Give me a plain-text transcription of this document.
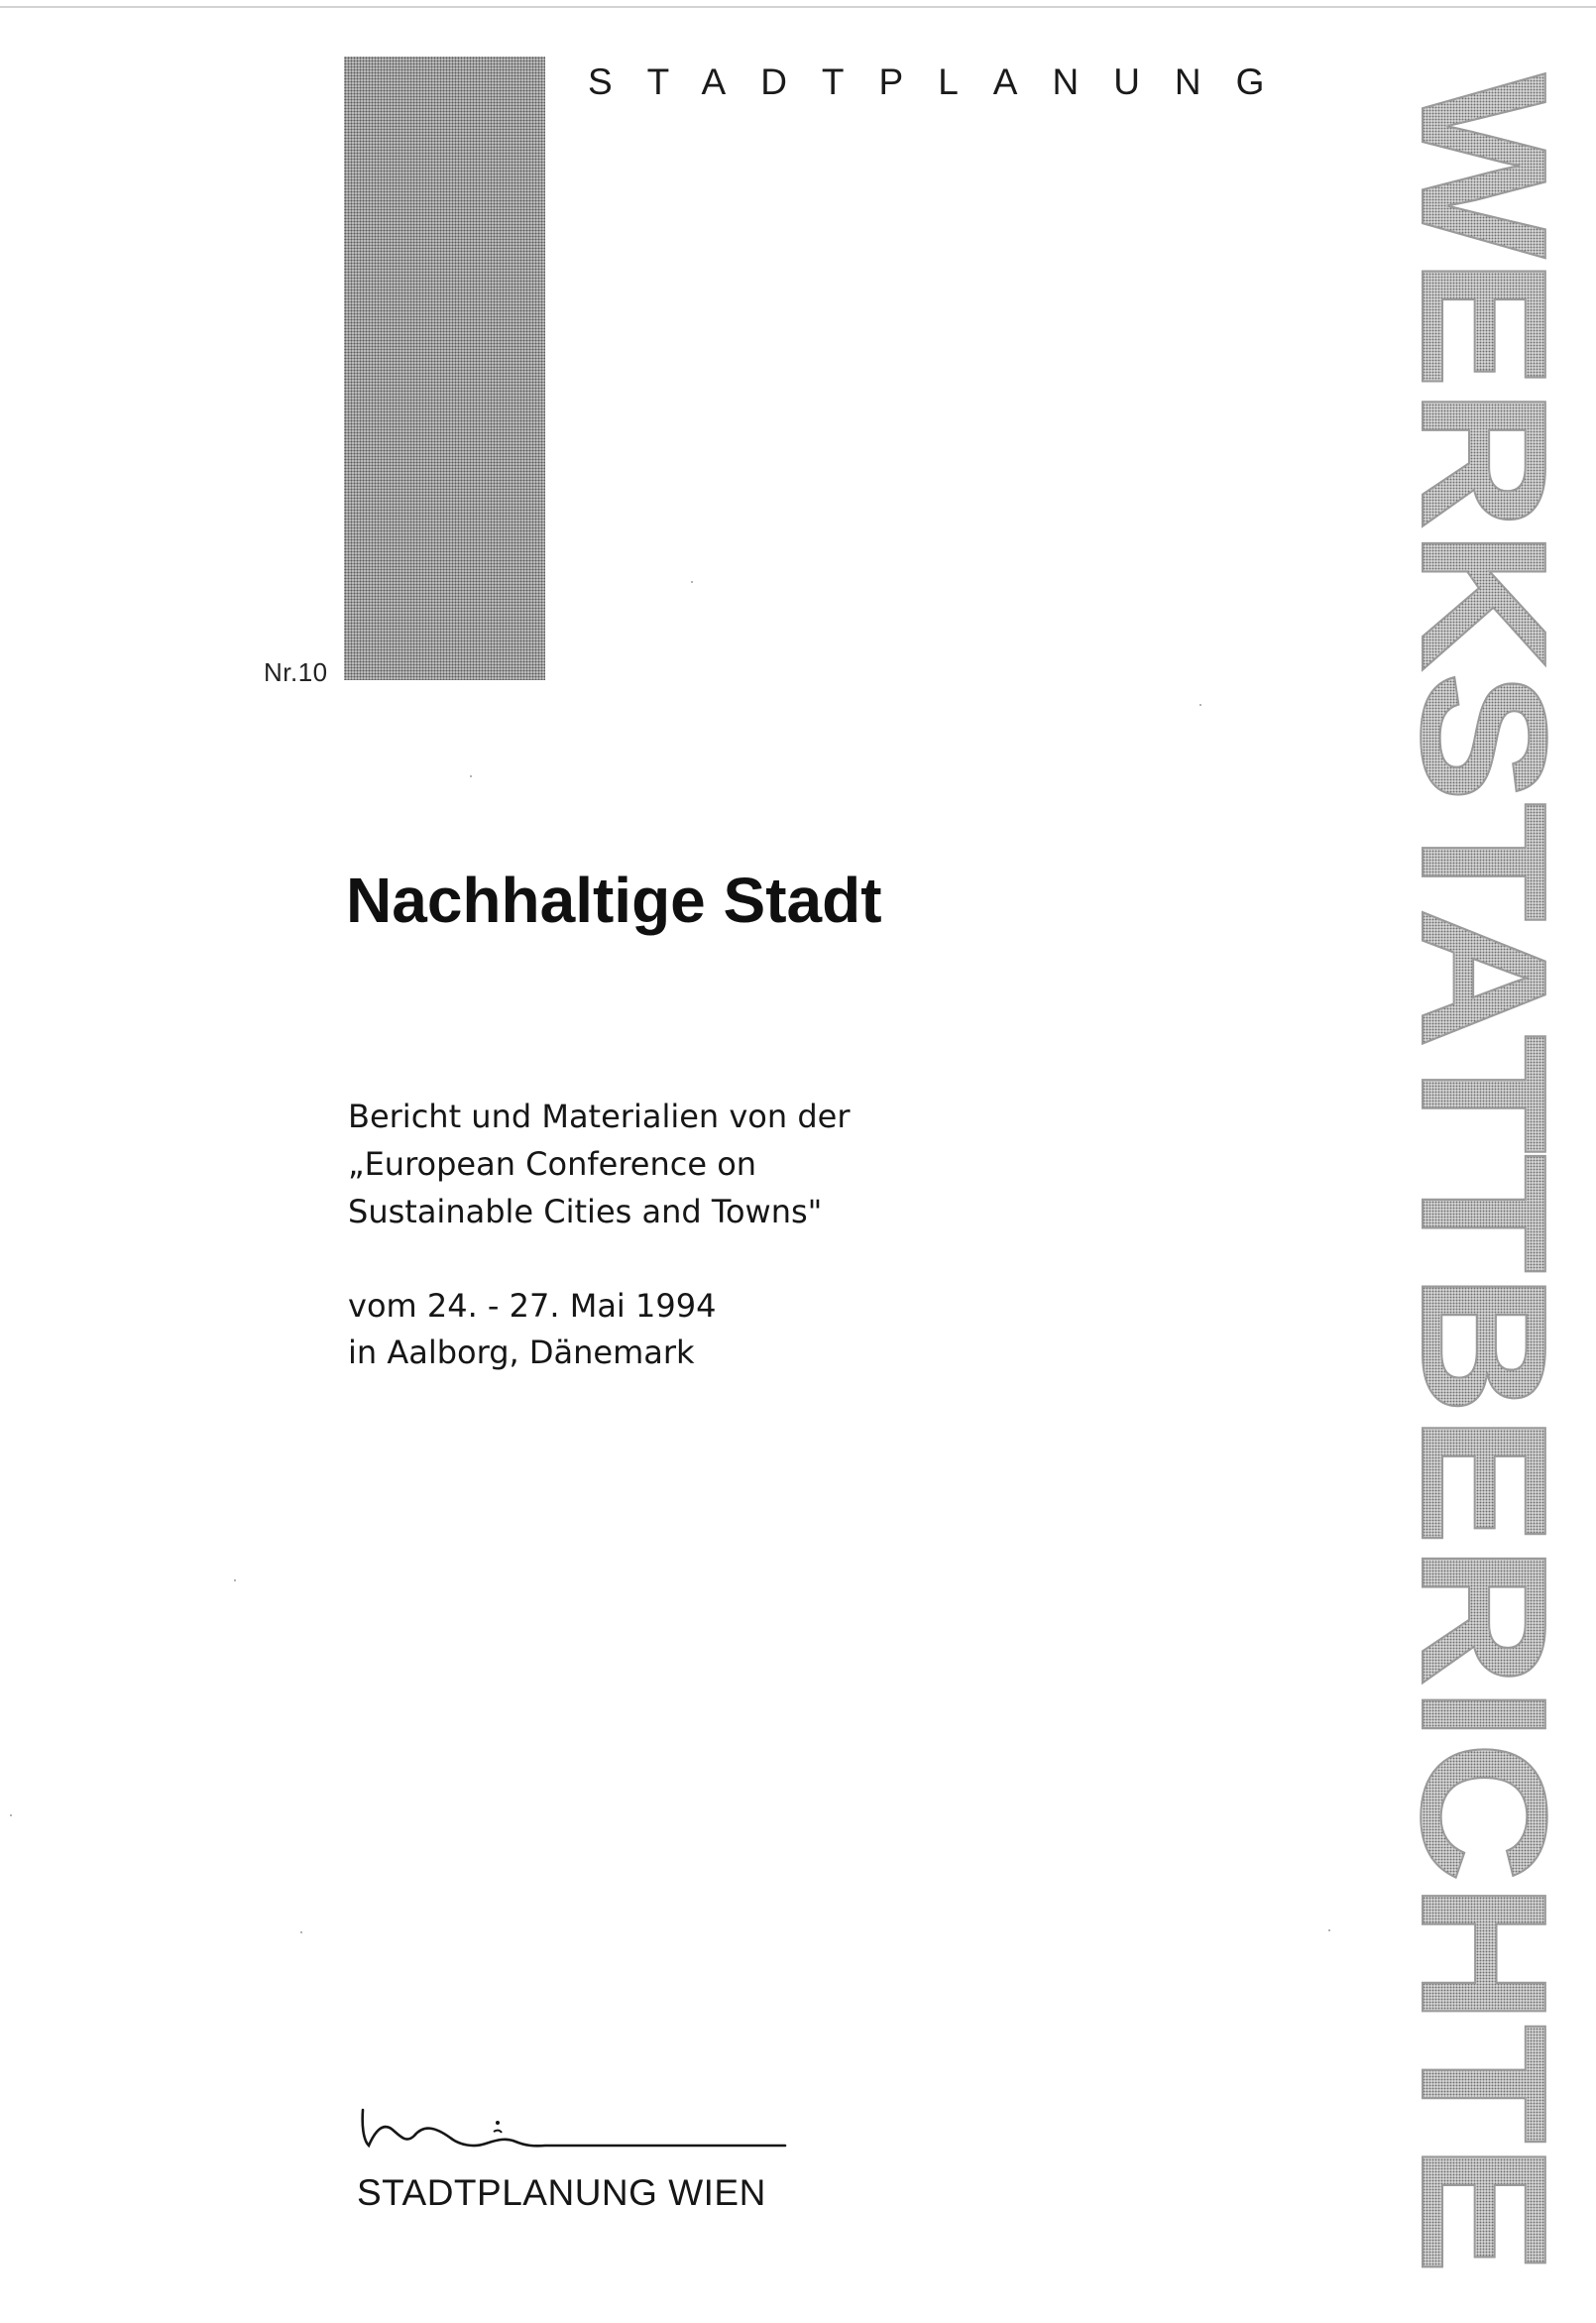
Nr.10
STADTPLANUNG WERKSTATTBERICHTE
Nachhaltige Stadt
Bericht und Materialien von der
„European Conference on
Sustainable Cities and Towns"
vom 24. - 27. Mai 1994
in Aalborg, Dänemark
STADTPLANUNG WIEN
